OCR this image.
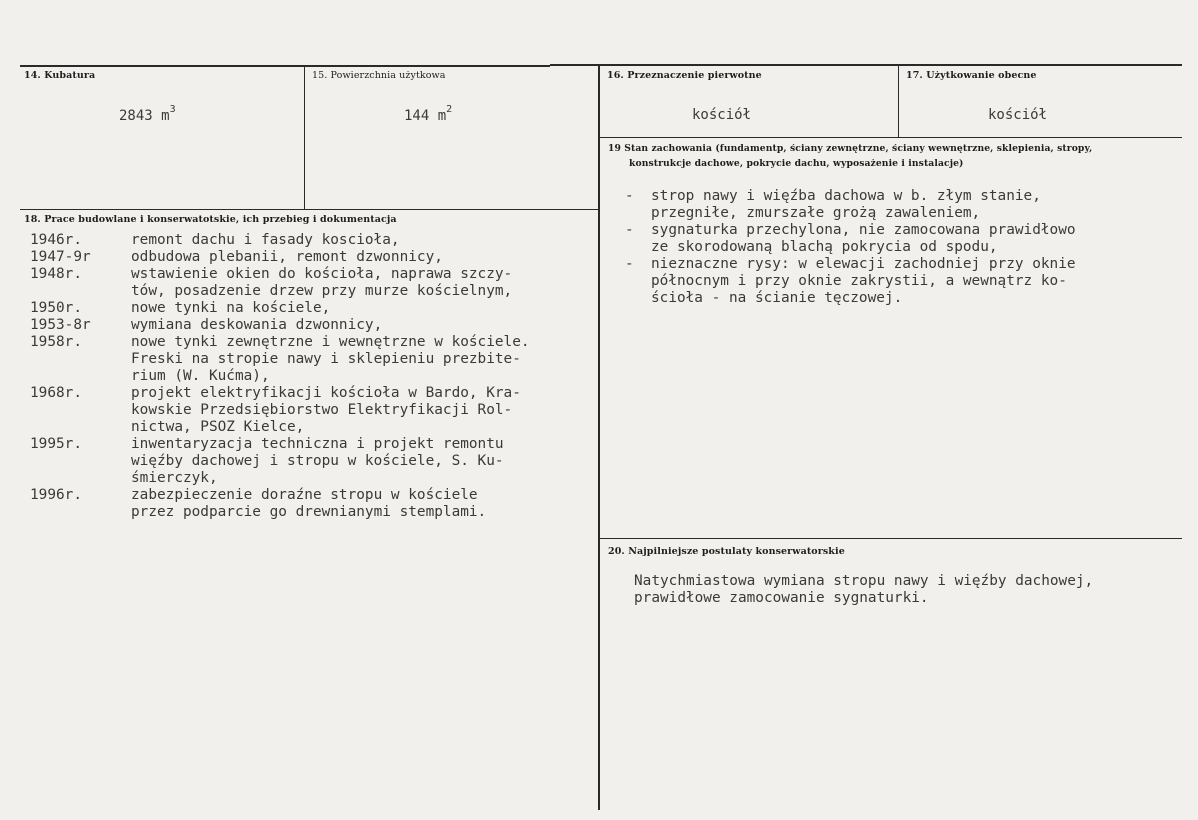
14. Kubatura
2843 $m^3$
15. Powierzchnia użytkowa
144 $m^2$
16. Przeznaczenie pierwotne
kościół
17. Użytkowanie obecne
kościół
18. Prace budowlane i konserwatotskie, ich przebieg i dokumentacja
1946r.	remont dachu i fasady koscioła,
1947-9r	odbudowa plebanii, remont dzwonnicy,
1948r.	wstawienie okien do kościoła, naprawa szczy-
tów, posadzenie drzew przy murze kościelnym,
1950r.	nowe tynki na kościele,
1953-8r	wymiana deskowania dzwonnicy,
1958r.	nowe tynki zewnętrzne i wewnętrzne w kościele.
Freski na stropie nawy i sklepieniu prezbite-
rium (W. Kućma),
1968r.	projekt elektryfikacji kościoła w Bardo, Kra-
kowskie Przedsiębiorstwo Elektryfikacji Rol-
nictwa, PSOZ Kielce,
1995r.	inwentaryzacja techniczna i projekt remontu
więźby dachowej i stropu w kościele, S. Ku-
śmierczyk,
1996r.	zabezpieczenie doraźne stropu w kościele
przez podparcie go drewnianymi stemplami.
19 Stan zachowania (fundamentp, ściany zewnętrzne, ściany wewnętrzne, sklepienia, stropy,
konstrukcje dachowe, pokrycie dachu, wyposażenie i instalacje)
-  strop nawy i więźba dachowa w b. złym stanie,
przegniłe, zmurszałe grożą zawaleniem,
-  sygnaturka przechylona, nie zamocowana prawidłowo
ze skorodowaną blachą pokrycia od spodu,
-  nieznaczne rysy: w elewacji zachodniej przy oknie
północnym i przy oknie zakrystii, a wewnątrz ko-
ścioła - na ścianie tęczowej.
20. Najpilniejsze postulaty konserwatorskie
Natychmiastowa wymiana stropu nawy i więźby dachowej,
prawidłowe zamocowanie sygnaturki.
